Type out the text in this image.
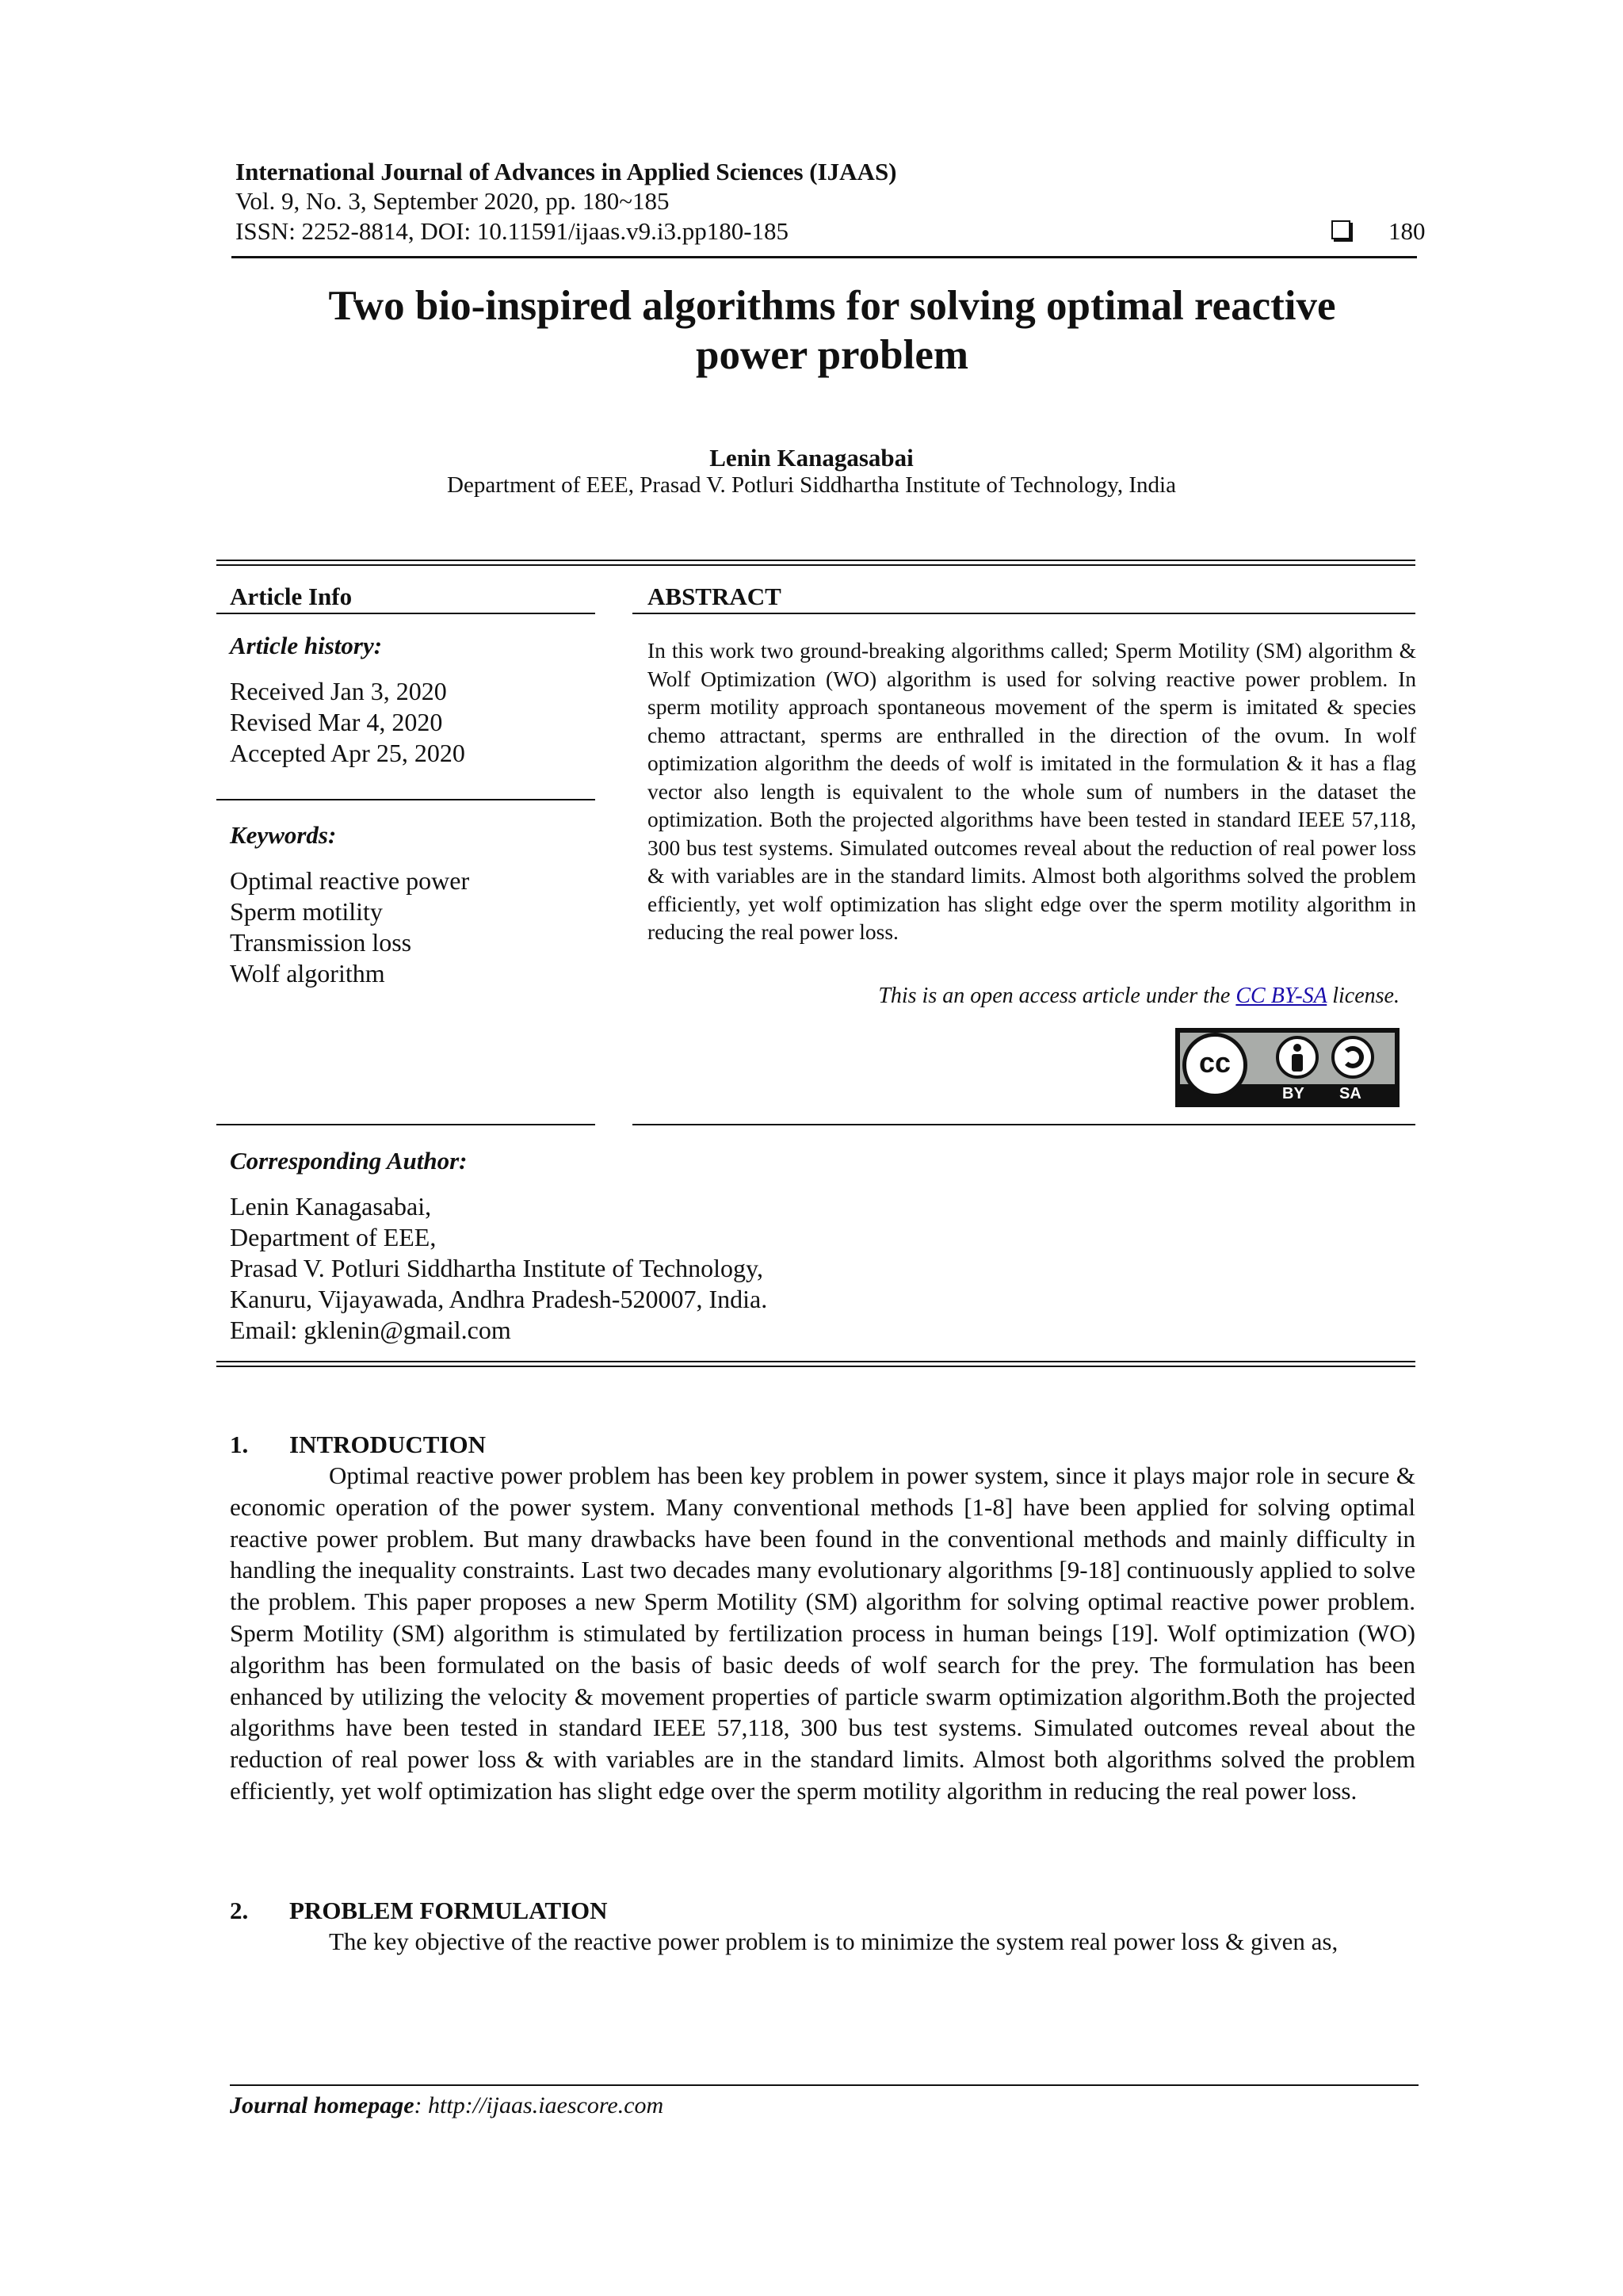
International Journal of Advances in Applied Sciences (IJAAS)
Vol. 9, No. 3, September 2020, pp. 180~185
ISSN: 2252-8814, DOI: 10.11591/ijaas.v9.i3.pp180-185	180
Two bio-inspired algorithms for solving optimal reactive
power problem
Lenin Kanagasabai
Department of EEE, Prasad V. Potluri Siddhartha Institute of Technology, India
Article Info
Article history:
Received Jan 3, 2020
Revised Mar 4, 2020
Accepted Apr 25, 2020
Keywords:
Optimal reactive power
Sperm motility
Transmission loss
Wolf algorithm
ABSTRACT
In this work two ground-breaking algorithms called; Sperm Motility (SM) algorithm & Wolf Optimization (WO) algorithm is used for solving reactive power problem. In sperm motility approach spontaneous movement of the sperm is imitated & species chemo attractant, sperms are enthralled in the direction of the ovum. In wolf optimization algorithm the deeds of wolf is imitated in the formulation & it has a flag vector also length is equivalent to the whole sum of numbers in the dataset the optimization. Both the projected algorithms have been tested in standard IEEE 57,118, 300 bus test systems. Simulated outcomes reveal about the reduction of real power loss & with variables are in the standard limits. Almost both algorithms solved the problem efficiently, yet wolf optimization has slight edge over the sperm motility algorithm in reducing the real power loss.
This is an open access article under the CC BY-SA license.
cc
BY SA
Corresponding Author:
Lenin Kanagasabai,
Department of EEE,
Prasad V. Potluri Siddhartha Institute of Technology,
Kanuru, Vijayawada, Andhra Pradesh-520007, India.
Email: gklenin@gmail.com
1. INTRODUCTION
Optimal reactive power problem has been key problem in power system, since it plays major role in secure & economic operation of the power system. Many conventional methods [1-8] have been applied for solving optimal reactive power problem. But many drawbacks have been found in the conventional methods and mainly difficulty in handling the inequality constraints. Last two decades many evolutionary algorithms [9-18] continuously applied to solve the problem. This paper proposes a new Sperm Motility (SM) algorithm for solving optimal reactive power problem. Sperm Motility (SM) algorithm is stimulated by fertilization process in human beings [19]. Wolf optimization (WO) algorithm has been formulated on the basis of basic deeds of wolf search for the prey. The formulation has been enhanced by utilizing the velocity & movement properties of particle swarm optimization algorithm.Both the projected algorithms have been tested in standard IEEE 57,118, 300 bus test systems. Simulated outcomes reveal about the reduction of real power loss & with variables are in the standard limits. Almost both algorithms solved the problem efficiently, yet wolf optimization has slight edge over the sperm motility algorithm in reducing the real power loss.
2. PROBLEM FORMULATION
The key objective of the reactive power problem is to minimize the system real power loss & given as,
Journal homepage: http://ijaas.iaescore.com
